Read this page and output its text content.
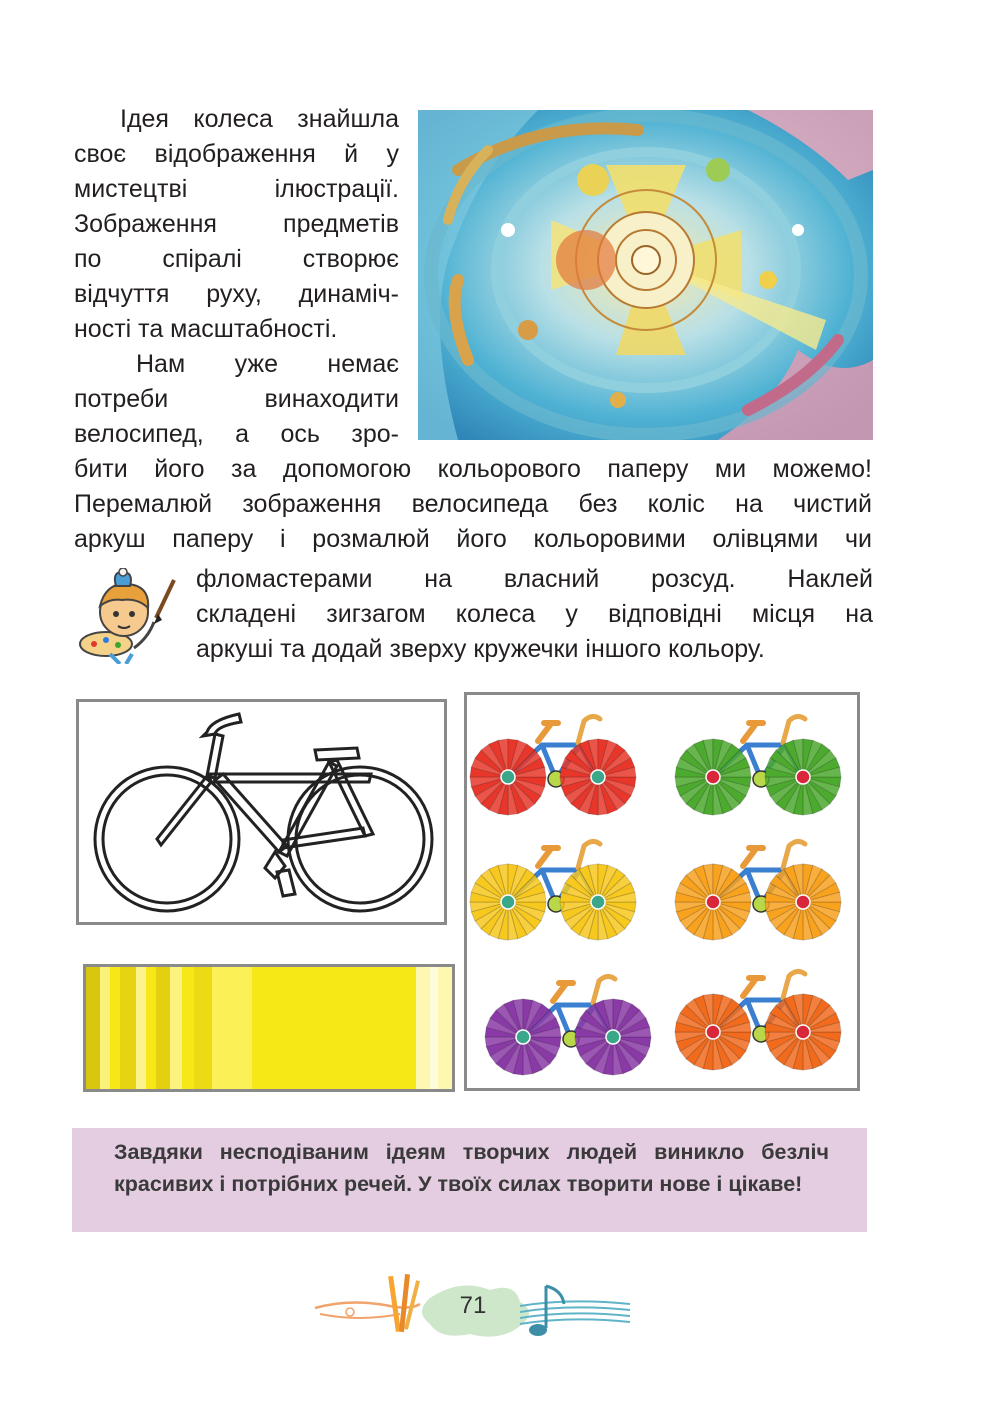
Ідея колеса знайшла
своє відображення й у
мистецтві ілюстрації.
Зображення предметів
по спіралі створює
відчуття руху, динаміч-
ності та масштабності.
Нам уже немає
потреби винаходити
велосипед, а ось зро-
бити його за допомогою кольорового паперу ми можемо!
Перемалюй зображення велосипеда без коліс на чистий
аркуш паперу і розмалюй його кольоровими олівцями чи
фломастерами на власний розсуд. Наклей
складені зигзагом колеса у відповідні місця на
аркуші та додай зверху кружечки іншого кольору.
Завдяки несподіваним ідеям творчих людей виникло безліч красивих і потрібних речей. У твоїх силах творити нове і цікаве!
71
